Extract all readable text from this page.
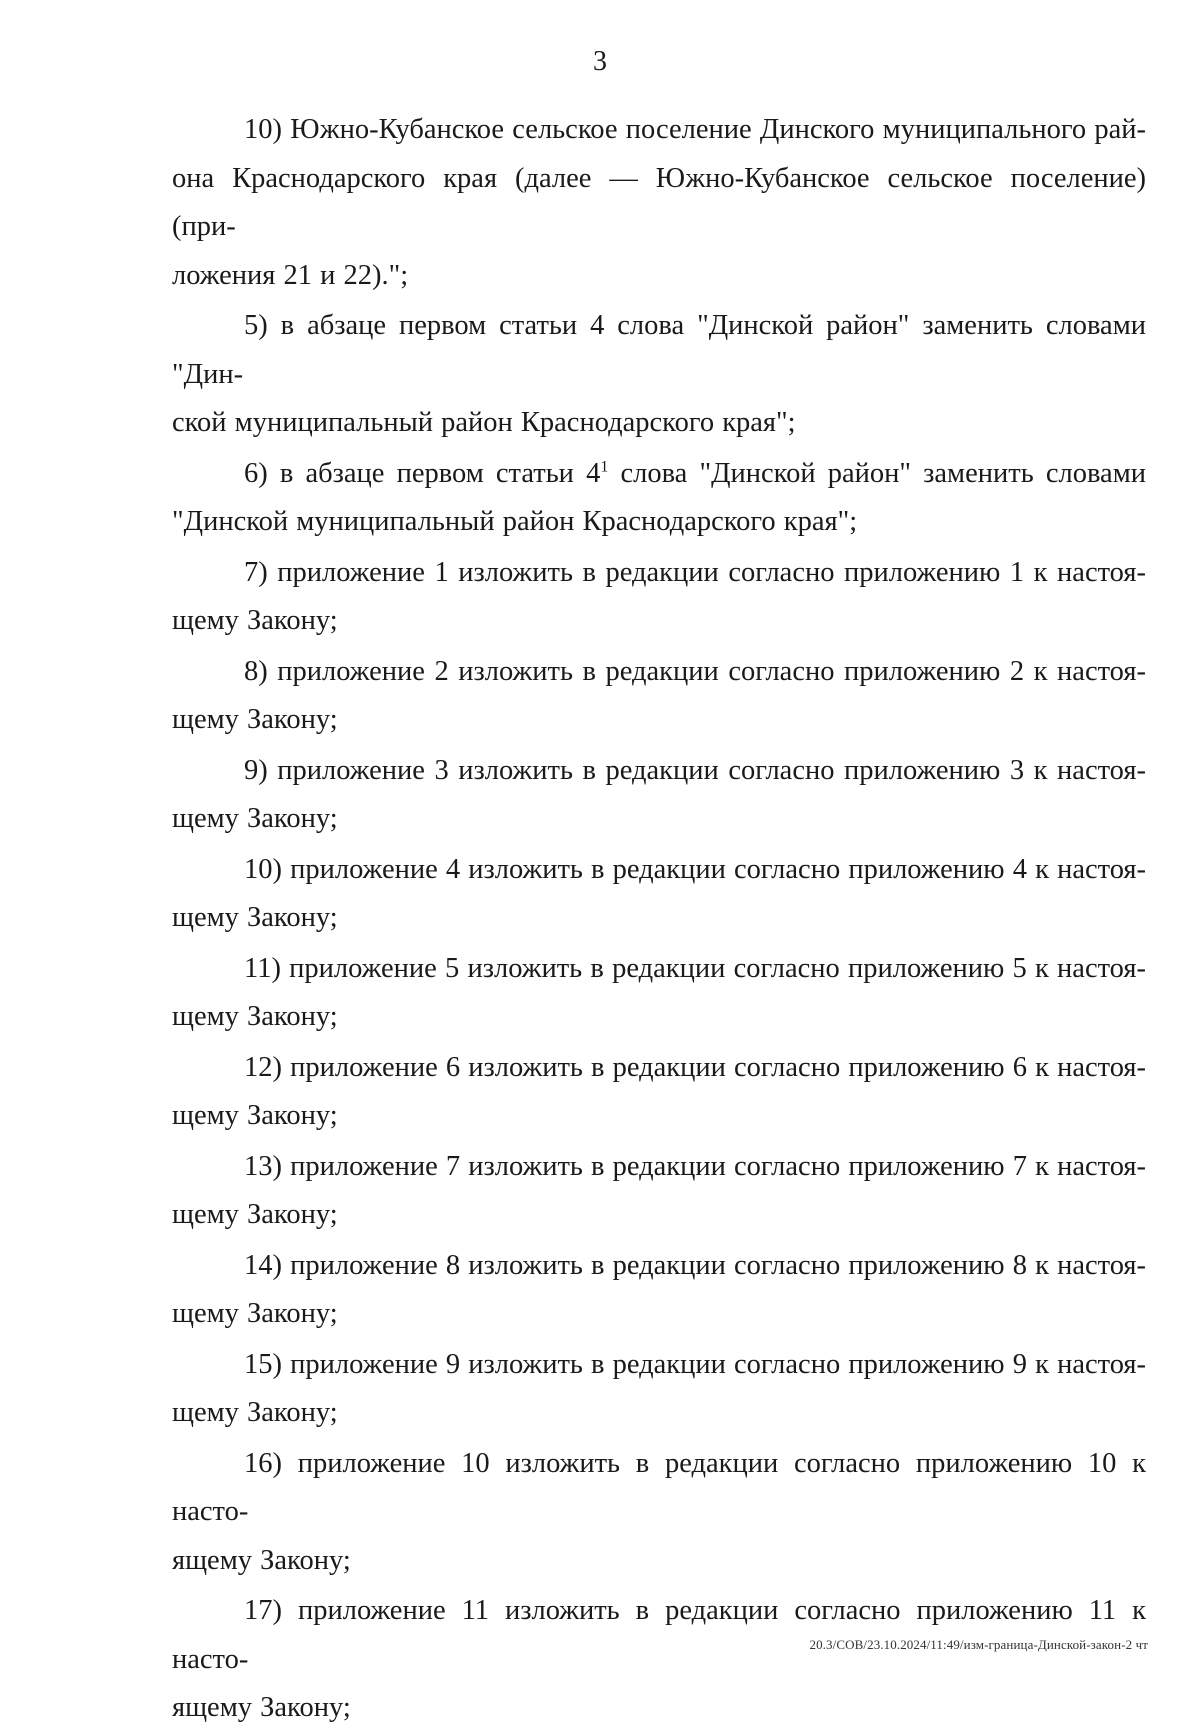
3
10) Южно-Кубанское сельское поселение Динского муниципального рай-
она Краснодарского края (далее — Южно-Кубанское сельское поселение) (при-
ложения 21 и 22).";
5) в абзаце первом статьи 4 слова "Динской район" заменить словами "Дин-
ской муниципальный район Краснодарского края";
6) в абзаце первом статьи $4^1$ слова "Динской район" заменить словами
"Динской муниципальный район Краснодарского края";
7) приложение 1 изложить в редакции согласно приложению 1 к настоя-
щему Закону;
8) приложение 2 изложить в редакции согласно приложению 2 к настоя-
щему Закону;
9) приложение 3 изложить в редакции согласно приложению 3 к настоя-
щему Закону;
10) приложение 4 изложить в редакции согласно приложению 4 к настоя-
щему Закону;
11) приложение 5 изложить в редакции согласно приложению 5 к настоя-
щему Закону;
12) приложение 6 изложить в редакции согласно приложению 6 к настоя-
щему Закону;
13) приложение 7 изложить в редакции согласно приложению 7 к настоя-
щему Закону;
14) приложение 8 изложить в редакции согласно приложению 8 к настоя-
щему Закону;
15) приложение 9 изложить в редакции согласно приложению 9 к настоя-
щему Закону;
16) приложение 10 изложить в редакции согласно приложению 10 к насто-
ящему Закону;
17) приложение 11 изложить в редакции согласно приложению 11 к насто-
ящему Закону;
20.3/СОВ/23.10.2024/11:49/изм-граница-Динской-закон-2 чт
